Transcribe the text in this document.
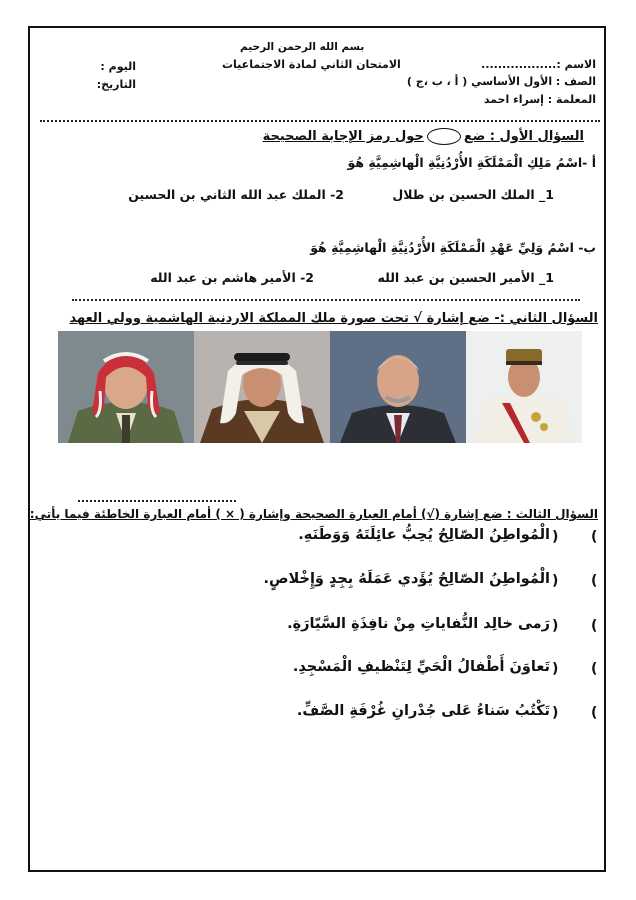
بسم الله الرحمن الرحيم
الامتحان الثاني لمادة الاجتماعيات	الاسم :..................
الصف : الأول الأساسي ( أ ، ب ،ج )
المعلمة : إسراء احمد
اليوم :
التاريخ:
السؤال الأول : ضعحول رمز الإجابة الصحيحة
أ -اسْمُ مَلِكِ الْمَمْلَكَةِ الأُرْدُنِيَّةِ الْهاشِمِيَّةِ هُوَ
1_ الملك الحسين بن طلال
2- الملك عبد الله الثاني بن الحسين
ب- اسْمُ وَلِيِّ عَهْدِ الْمَمْلَكَةِ الأُرْدُنِيَّةِ الْهاشِمِيَّةِ هُوَ
1_ الأمير الحسين بن عبد الله
2- الأمير هاشم بن عبد الله
السؤال الثاني :- ضع إشارة √ تحت صورة ملك المملكة الاردنية الهاشمية وولي العهد
السؤال الثالث : ضع إشارة (√) أمام العبارة الصحيحة وإشارة ( × ) أمام العبارة الخاطئة فيما يأتي:
(
)
الْمُواطِنُ الصّالِحُ يُحِبُّ عائِلَتَهُ وَوَطَنَهِ.
(
)
الْمُواطِنُ الصّالِحُ يُؤَدي عَمَلَهُ بِجِدٍ وَإِخْلاصٍ.
(
)
رَمى خالِد النُّفاياتِ مِنْ نافِذَةِ السَّيّارَةِ.
(
)
تَعاوَنَ أَطْفالُ الْحَيِّ لِتَنْظيفِ الْمَسْجِدِ.
(
)
تَكْتُبُ سَناءُ عَلى جُدْرانِ غُرْفَةِ الصَّفِّ.
